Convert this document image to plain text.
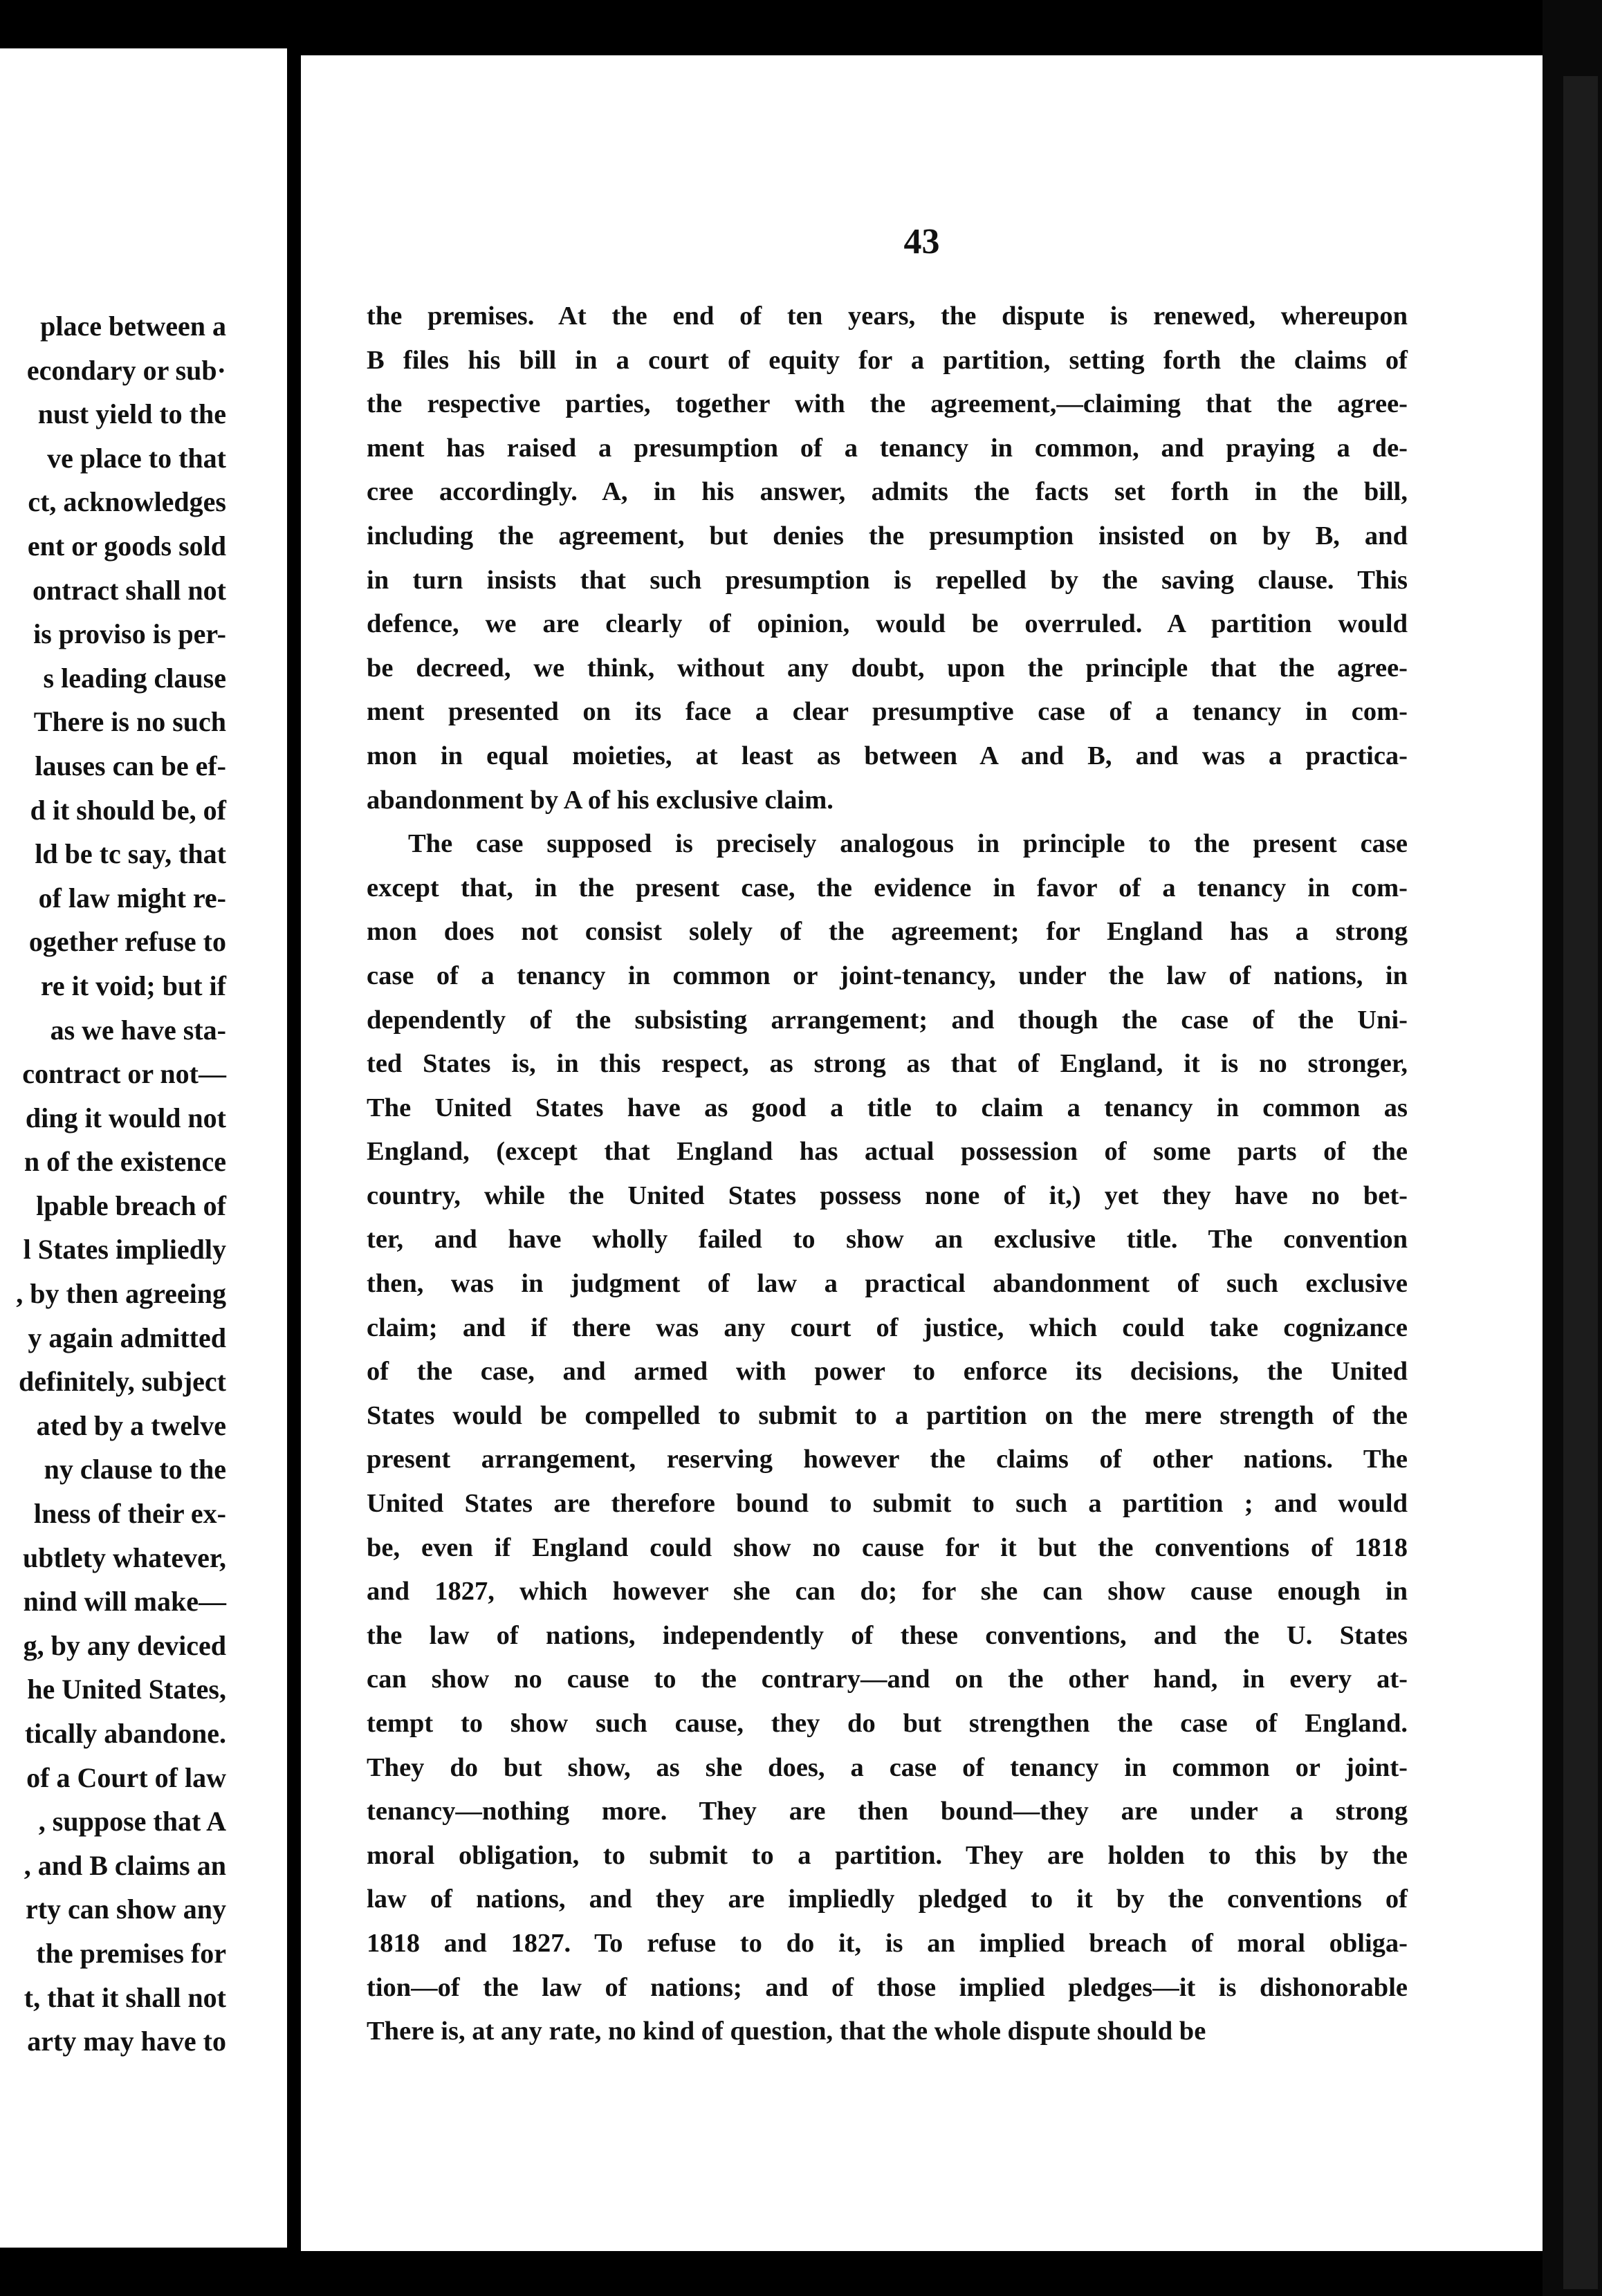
place between a
econdary or sub·
nust yield to the
ve place to that
ct, acknowledges
ent or goods sold
ontract shall not
is proviso is per-
s leading clause
There is no such
lauses can be ef-
d it should be, of
ld be tc say, that
of law might re-
ogether refuse to
re it void; but if
as we have sta-
contract or not—
ding it would not
n of the existence
lpable breach of
l States impliedly
, by then agreeing
y again admitted
definitely, subject
ated by a twelve
ny clause to the
lness of their ex-
ubtlety whatever,
nind will make—
g, by any deviced
he United States,
tically abandone.
of a Court of law
, suppose that A
, and B claims an
rty can show any
the premises for
t, that it shall not
arty may have to
43
the premises. At the end of ten years, the dispute is renewed, whereupon
B files his bill in a court of equity for a partition, setting forth the claims of
the respective parties, together with the agreement,—claiming that the agree-
ment has raised a presumption of a tenancy in common, and praying a de-
cree accordingly. A, in his answer, admits the facts set forth in the bill,
including the agreement, but denies the presumption insisted on by B, and
in turn insists that such presumption is repelled by the saving clause. This
defence, we are clearly of opinion, would be overruled. A partition would
be decreed, we think, without any doubt, upon the principle that the agree-
ment presented on its face a clear presumptive case of a tenancy in com-
mon in equal moieties, at least as between A and B, and was a practica-
abandonment by A of his exclusive claim.
The case supposed is precisely analogous in principle to the present case
except that, in the present case, the evidence in favor of a tenancy in com-
mon does not consist solely of the agreement; for England has a strong
case of a tenancy in common or joint-tenancy, under the law of nations, in
dependently of the subsisting arrangement; and though the case of the Uni-
ted States is, in this respect, as strong as that of England, it is no stronger,
The United States have as good a title to claim a tenancy in common as
England, (except that England has actual possession of some parts of the
country, while the United States possess none of it,) yet they have no bet-
ter, and have wholly failed to show an exclusive title. The convention
then, was in judgment of law a practical abandonment of such exclusive
claim; and if there was any court of justice, which could take cognizance
of the case, and armed with power to enforce its decisions, the United
States would be compelled to submit to a partition on the mere strength of the
present arrangement, reserving however the claims of other nations. The
United States are therefore bound to submit to such a partition ; and would
be, even if England could show no cause for it but the conventions of 1818
and 1827, which however she can do; for she can show cause enough in
the law of nations, independently of these conventions, and the U. States
can show no cause to the contrary—and on the other hand, in every at-
tempt to show such cause, they do but strengthen the case of England.
They do but show, as she does, a case of tenancy in common or joint-
tenancy—nothing more. They are then bound—they are under a strong
moral obligation, to submit to a partition. They are holden to this by the
law of nations, and they are impliedly pledged to it by the conventions of
1818 and 1827. To refuse to do it, is an implied breach of moral obliga-
tion—of the law of nations; and of those implied pledges—it is dishonorable
There is, at any rate, no kind of question, that the whole dispute should be
